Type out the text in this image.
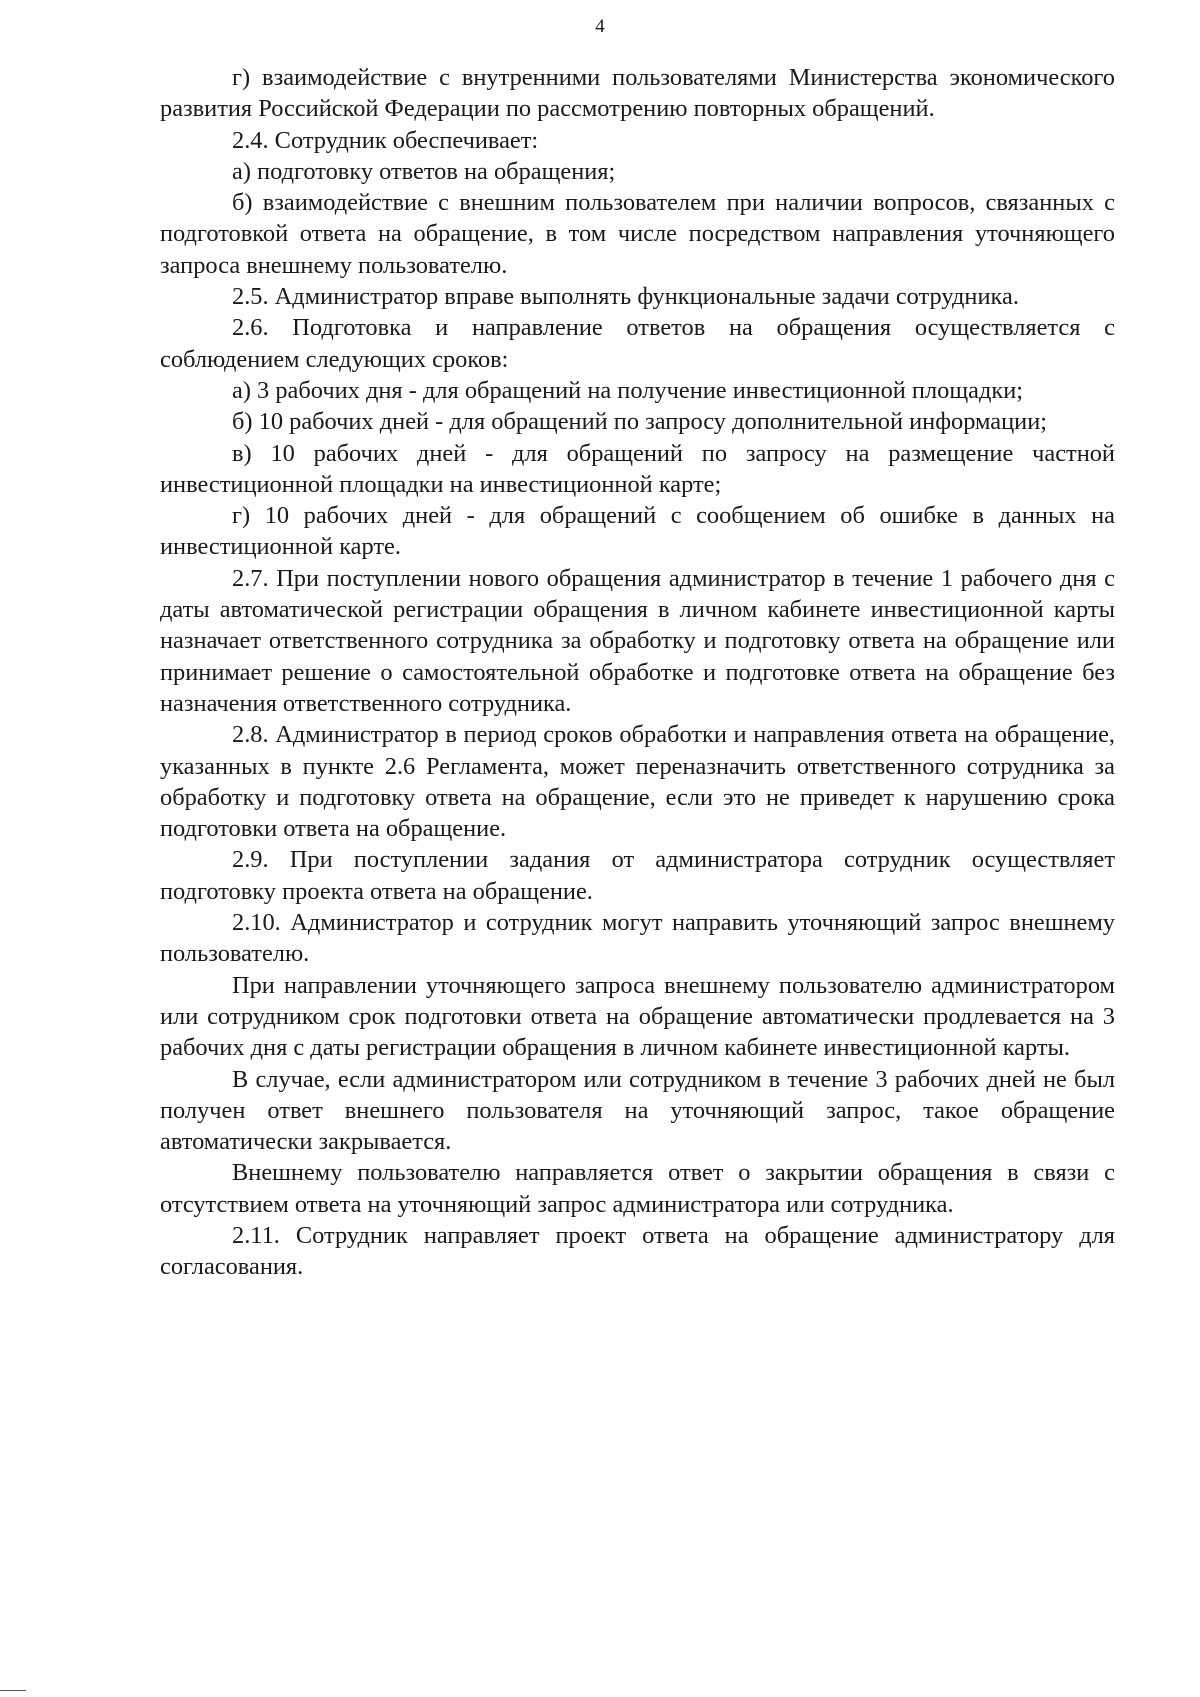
4

г) взаимодействие с внутренними пользователями Министерства экономического развития Российской Федерации по рассмотрению повторных обращений.

2.4. Сотрудник обеспечивает:

а) подготовку ответов на обращения;

б) взаимодействие с внешним пользователем при наличии вопросов, связанных с подготовкой ответа на обращение, в том числе посредством направления уточняющего запроса внешнему пользователю.

2.5. Администратор вправе выполнять функциональные задачи сотрудника.

2.6. Подготовка и направление ответов на обращения осуществляется с соблюдением следующих сроков:

а) 3 рабочих дня - для обращений на получение инвестиционной площадки;

б) 10 рабочих дней - для обращений по запросу дополнительной информации;

в) 10 рабочих дней - для обращений по запросу на размещение частной инвестиционной площадки на инвестиционной карте;

г) 10 рабочих дней - для обращений с сообщением об ошибке в данных на инвестиционной карте.

2.7. При поступлении нового обращения администратор в течение 1 рабочего дня с даты автоматической регистрации обращения в личном кабинете инвестиционной карты назначает ответственного сотрудника за обработку и подготовку ответа на обращение или принимает решение о самостоятельной обработке и подготовке ответа на обращение без назначения ответственного сотрудника.

2.8. Администратор в период сроков обработки и направления ответа на обращение, указанных в пункте 2.6 Регламента, может переназначить ответственного сотрудника за обработку и подготовку ответа на обращение, если это не приведет к нарушению срока подготовки ответа на обращение.

2.9. При поступлении задания от администратора сотрудник осуществляет подготовку проекта ответа на обращение.

2.10. Администратор и сотрудник могут направить уточняющий запрос внешнему пользователю.

При направлении уточняющего запроса внешнему пользователю администратором или сотрудником срок подготовки ответа на обращение автоматически продлевается на 3 рабочих дня с даты регистрации обращения в личном кабинете инвестиционной карты.

В случае, если администратором или сотрудником в течение 3 рабочих дней не был получен ответ внешнего пользователя на уточняющий запрос, такое обращение автоматически закрывается.

Внешнему пользователю направляется ответ о закрытии обращения в связи с отсутствием ответа на уточняющий запрос администратора или сотрудника.

2.11. Сотрудник направляет проект ответа на обращение администратору для согласования.
